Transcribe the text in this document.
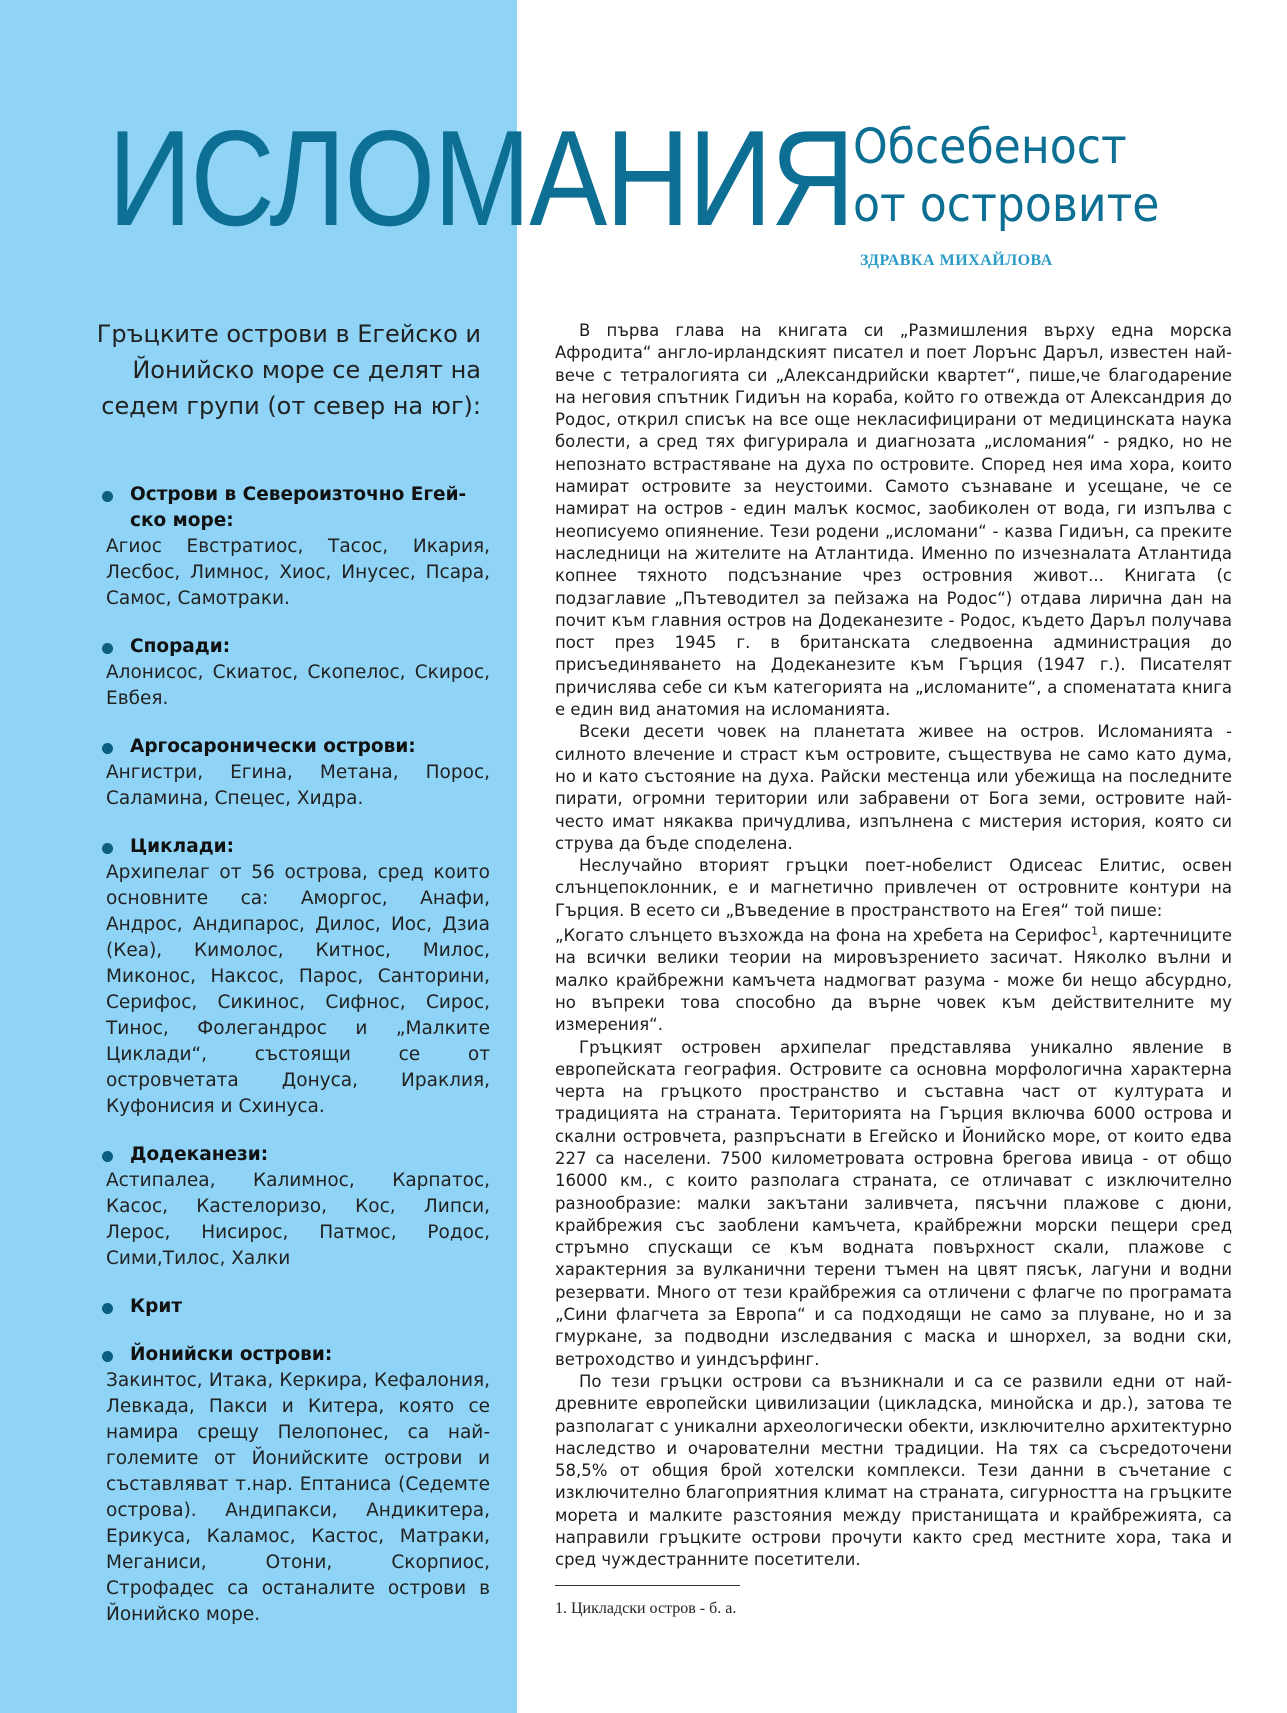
ИСЛОМАНИЯ Обсебеност
от островите
ЗДРАВКА МИХАЙЛОВА
Гръцките острови в Егейско и Йонийско море се делят на седем групи (от север на юг):
Острови в Североизточно Егей-ско море:
Агиос Евстратиос, Тасос, Икария, Лесбос, Лимнос, Хиос, Инусес, Псара, Самос, Самотраки.
Споради:
Алонисос, Скиатос, Скопелос, Скирос, Евбея.
Аргосаронически острови:
Ангистри, Егина, Метана, Порос, Саламина, Спецес, Хидра.
Циклади:
Архипелаг от 56 острова, сред които основните са: Аморгос, Анафи, Андрос, Андипарос, Дилос, Иос, Дзиа (Кеа), Кимолос, Китнос, Милос, Миконос, Наксос, Парос, Санторини, Серифос, Сикинос, Сифнос, Сирос, Тинос, Фолегандрос и „Малките Циклади“, състоящи се от островчетата Донуса, Ираклия, Куфонисия и Схинуса.
Додеканези:
Астипалеа, Калимнос, Карпатос, Касос, Кастелоризо, Кос, Липси, Лерос, Нисирос, Патмос, Родос, Сими,Тилос, Халки
Крит
Йонийски острови:
Закинтос, Итака, Керкира, Кефалония, Левкада, Пакси и Китера, която се намира срещу Пелопонес, са най-големите от Йонийските острови и съставляват т.нар. Ептаниса (Седемте острова). Андипакси, Андикитера, Ерикуса, Каламос, Кастос, Матраки, Меганиси, Отони, Скорпиос, Строфадес са останалите острови в Йонийско море.

В първа глава на книгата си „Размишления върху една морска Афродита“ англо-ирландският писател и поет Лорънс Даръл, известен най-вече с тетралогията си „Александрийски квартет“, пише,че благодарение на неговия спътник Гидиън на кораба, който го отвежда от Александрия до Родос, открил списък на все още некласифицирани от медицинската наука болести, а сред тях фигурирала и диагнозата „исломания“ - рядко, но не непознато встрастяване на духа по островите. Според нея има хора, които намират островите за неустоими. Самото съзнаване и усещане, че се намират на остров - един малък космос, заобиколен от вода, ги изпълва с неописуемо опиянение. Тези родени „исломани“ - казва Гидиън, са преките наследници на жителите на Атлантида. Именно по изчезналата Атлантида копнее тяхното подсъзнание чрез островния живот... Книгата (с подзаглавие „Пътеводител за пейзажа на Родос“) отдава лирична дан на почит към главния остров на Додеканезите - Родос, където Даръл получава пост през 1945 г. в британската следвоенна администрация до присъединяването на Додеканезите към Гърция (1947 г.). Писателят причислява себе си към категорията на „исломаните“, а споменатата книга е един вид анатомия на исломанията.

Всеки десети човек на планетата живее на остров. Исломанията - силното влечение и страст към островите, съществува не само като дума, но и като състояние на духа. Райски местенца или убежища на последните пирати, огромни територии или забравени от Бога земи, островите най-често имат някаква причудлива, изпълнена с мистерия история, която си струва да бъде споделена.

Неслучайно вторият гръцки поет-нобелист Одисеас Елитис, освен слънцепоклонник, е и магнетично привлечен от островните контури на Гърция. В есето си „Въведение в пространството на Егея“ той пише:

„Когато слънцето възхожда на фона на хребета на Серифос$^1$, картечниците на всички велики теории на мировъзрението засичат. Няколко вълни и малко крайбрежни камъчета надмогват разума - може би нещо абсурдно, но въпреки това способно да върне човек към действителните му измерения“.

Гръцкият островен архипелаг представлява уникално явление в европейската география. Островите са основна морфологична характерна черта на гръцкото пространство и съставна част от културата и традицията на страната. Територията на Гърция включва 6000 острова и скални островчета, разпръснати в Егейско и Йонийско море, от които едва 227 са населени. 7500 километровата островна брегова ивица - от общо 16000 км., с които разполага страната, се отличават с изключително разнообразие: малки закътани заливчета, пясъчни плажове с дюни, крайбрежия със заоблени камъчета, крайбрежни морски пещери сред стръмно спускащи се към водната повърхност скали, плажове с характерния за вулканични терени тъмен на цвят пясък, лагуни и водни резервати. Много от тези крайбрежия са отличени с флагче по програмата „Сини флагчета за Европа“ и са подходящи не само за плуване, но и за гмуркане, за подводни изследвания с маска и шнорхел, за водни ски, ветроходство и уиндсърфинг.

По тези гръцки острови са възникнали и са се развили едни от най-древните европейски цивилизации (цикладска, минойска и др.), затова те разполагат с уникални археологически обекти, изключително архитектурно наследство и очарователни местни традиции. На тях са съсредоточени 58,5% от общия брой хотелски комплекси. Тези данни в съчетание с изключително благоприятния климат на страната, сигурността на гръцките морета и малките разстояния между пристанищата и крайбрежията, са направили гръцките острови прочути както сред местните хора, така и сред чуждестранните посетители.

1. Цикладски остров - б. а.
